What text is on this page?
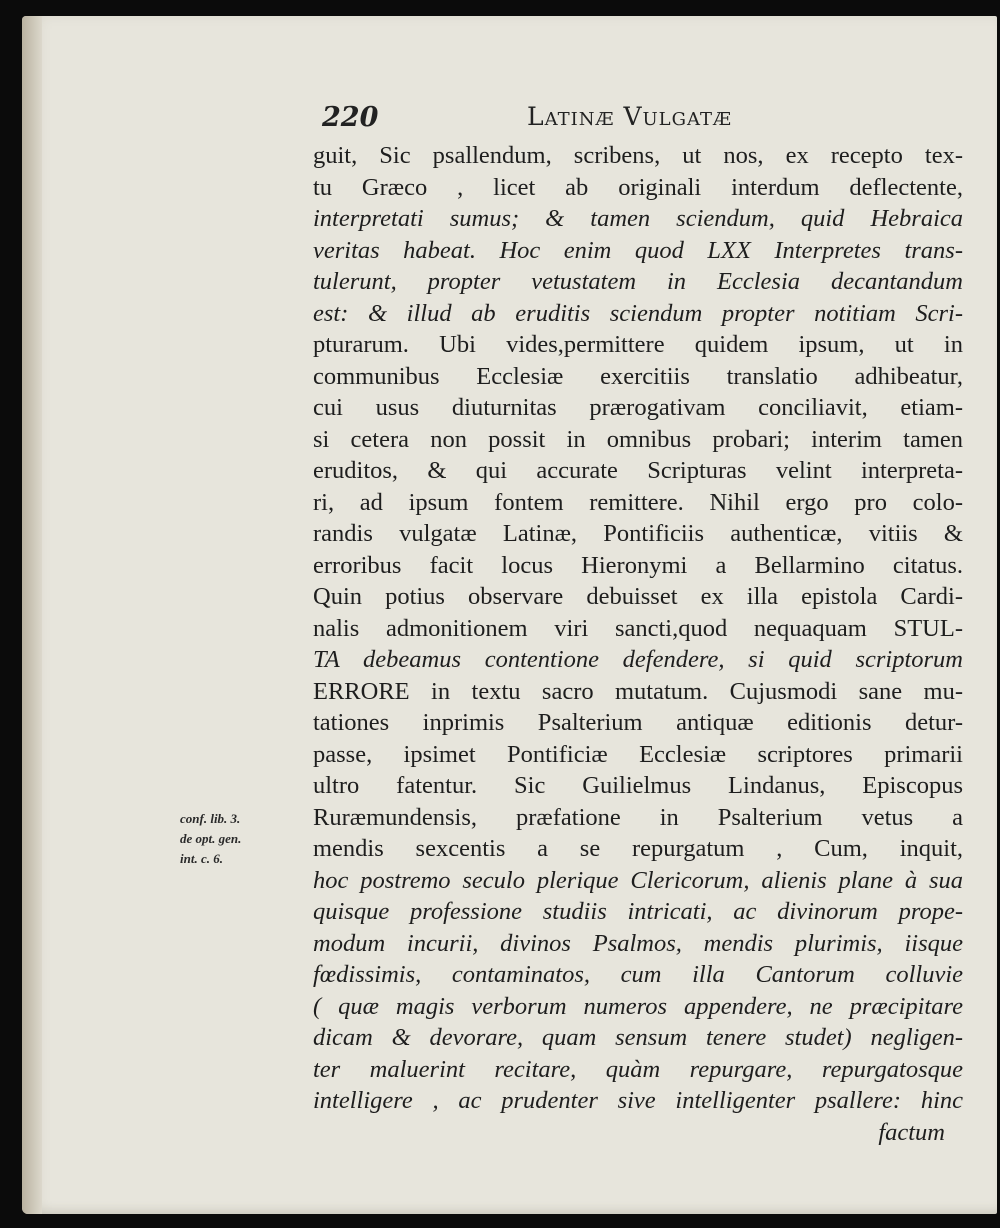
220	Latinæ Vulgatæ
conf. lib. 3.
de opt. gen.
int. c. 6.
guit, Sic psallendum, scribens, ut nos, ex recepto tex-
tu Græco , licet ab originali interdum deflectente,
interpretati sumus; & tamen sciendum, quid Hebraica
veritas habeat. Hoc enim quod LXX Interpretes trans-
tulerunt, propter vetustatem in Ecclesia decantandum
est: & illud ab eruditis sciendum propter notitiam Scri-
pturarum. Ubi vides,permittere quidem ipsum, ut in
communibus Ecclesiæ exercitiis translatio adhibeatur,
cui usus diuturnitas prærogativam conciliavit, etiam-
si cetera non possit in omnibus probari; interim tamen
eruditos, & qui accurate Scripturas velint interpreta-
ri, ad ipsum fontem remittere. Nihil ergo pro colo-
randis vulgatæ Latinæ, Pontificiis authenticæ, vitiis &
erroribus facit locus Hieronymi a Bellarmino citatus.
Quin potius observare debuisset ex illa epistola Cardi-
nalis admonitionem viri sancti,quod nequaquam STUL-
TA debeamus contentione defendere, si quid scriptorum
ERRORE in textu sacro mutatum. Cujusmodi sane mu-
tationes inprimis Psalterium antiquæ editionis detur-
passe, ipsimet Pontificiæ Ecclesiæ scriptores primarii
ultro fatentur. Sic Guilielmus Lindanus, Episcopus
Ruræmundensis, præfatione in Psalterium vetus a
mendis sexcentis a se repurgatum , Cum, inquit,
hoc postremo seculo plerique Clericorum, alienis plane à sua
quisque professione studiis intricati, ac divinorum prope-
modum incurii, divinos Psalmos, mendis plurimis, iisque
fœdissimis, contaminatos, cum illa Cantorum colluvie
( quæ magis verborum numeros appendere, ne præcipitare
dicam & devorare, quam sensum tenere studet) negligen-
ter maluerint recitare, quàm repurgare, repurgatosque
intelligere , ac prudenter sive intelligenter psallere: hinc
factum
